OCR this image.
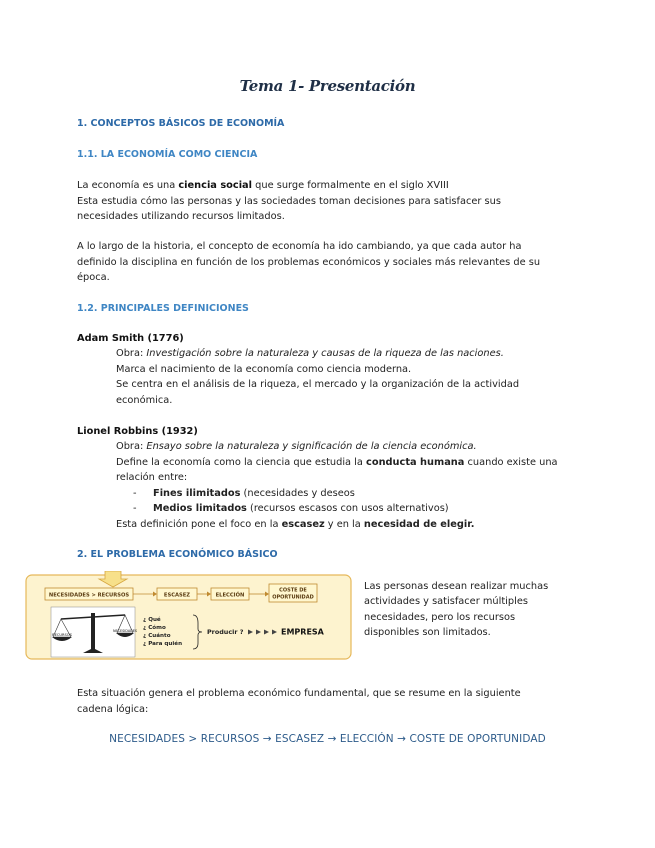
Tema 1- Presentación
1. CONCEPTOS BÁSICOS DE ECONOMÍA
1.1. LA ECONOMÍA COMO CIENCIA
La economía es una ciencia social que surge formalmente en el siglo XVIII
Esta estudia cómo las personas y las sociedades toman decisiones para satisfacer sus
necesidades utilizando recursos limitados.
A lo largo de la historia, el concepto de economía ha ido cambiando, ya que cada autor ha
definido la disciplina en función de los problemas económicos y sociales más relevantes de su
época.
1.2. PRINCIPALES DEFINICIONES
Adam Smith (1776)
Obra: Investigación sobre la naturaleza y causas de la riqueza de las naciones.
Marca el nacimiento de la economía como ciencia moderna.
Se centra en el análisis de la riqueza, el mercado y la organización de la actividad
económica.
Lionel Robbins (1932)
Obra: Ensayo sobre la naturaleza y significación de la ciencia económica.
Define la economía como la ciencia que estudia la conducta humana cuando existe una
relación entre:
- Fines ilimitados (necesidades y deseos
- Medios limitados (recursos escasos con usos alternativos)
Esta definición pone el foco en la escasez y en la necesidad de elegir.
2. EL PROBLEMA ECONÓMICO BÁSICO
NECESIDADES > RECURSOS	ESCASEZ	ELECCIÓN
COSTE DE
OPORTUNIDAD
RECURSOS
NECESIDADES
¿ Qué
¿ Cómo
¿ Cuánto
¿ Para quién
Producir ?	EMPRESA
Las personas desean realizar muchas
actividades y satisfacer múltiples
necesidades, pero los recursos
disponibles son limitados.
Esta situación genera el problema económico fundamental, que se resume en la siguiente
cadena lógica:
NECESIDADES > RECURSOS → ESCASEZ → ELECCIÓN → COSTE DE OPORTUNIDAD
